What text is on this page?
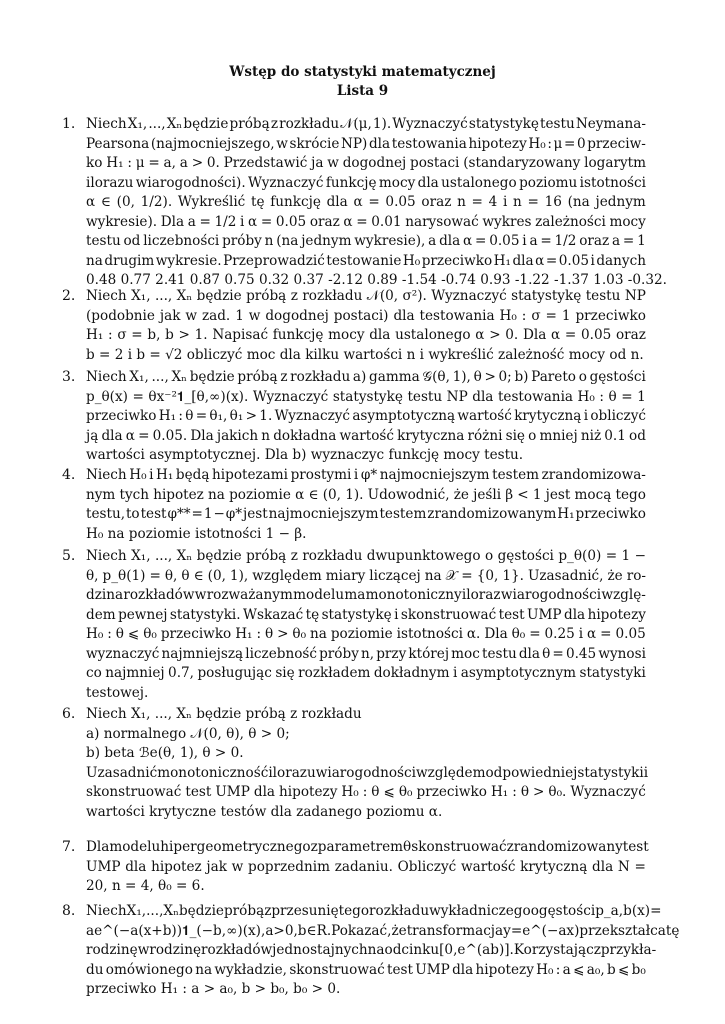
Wstęp do statystyki matematycznej
Lista 9
1. Niech X₁, ..., Xₙ będzie próbą z rozkładu 𝒩(μ, 1). Wyznaczyć statystykę testu Neymana-
Pearsona (najmocniejszego, w skrócie NP) dla testowania hipotezy H₀ : μ = 0 przeciw-
ko H₁ : μ = a, a > 0. Przedstawić ja w dogodnej postaci (standaryzowany logarytm
ilorazu wiarogodności). Wyznaczyć funkcję mocy dla ustalonego poziomu istotności
α ∈ (0, 1/2). Wykreślić tę funkcję dla α = 0.05 oraz n = 4 i n = 16 (na jednym
wykresie). Dla a = 1/2 i α = 0.05 oraz α = 0.01 narysować wykres zależności mocy
testu od liczebności próby n (na jednym wykresie), a dla α = 0.05 i a = 1/2 oraz a = 1
na drugim wykresie. Przeprowadzić testowanie H₀ przeciwko H₁ dla α = 0.05 i danych
0.48 0.77 2.41 0.87 0.75 0.32 0.37 -2.12 0.89 -1.54 -0.74 0.93 -1.22 -1.37 1.03 -0.32.
2. Niech X₁, ..., Xₙ będzie próbą z rozkładu 𝒩(0, σ²). Wyznaczyć statystykę testu NP
(podobnie jak w zad. 1 w dogodnej postaci) dla testowania H₀ : σ = 1 przeciwko
H₁ : σ = b, b > 1. Napisać funkcję mocy dla ustalonego α > 0. Dla α = 0.05 oraz
b = 2 i b = √2 obliczyć moc dla kilku wartości n i wykreślić zależność mocy od n.
3. Niech X₁, ..., Xₙ będzie próbą z rozkładu a) gamma 𝒢(θ, 1), θ > 0; b) Pareto o gęstości
p_θ(x) = θx⁻²𝟏_[θ,∞)(x). Wyznaczyć statystykę testu NP dla testowania H₀ : θ = 1
przeciwko H₁ : θ = θ₁, θ₁ > 1. Wyznaczyć asymptotyczną wartość krytyczną i obliczyć
ją dla α = 0.05. Dla jakich n dokładna wartość krytyczna różni się o mniej niż 0.1 od
wartości asymptotycznej. Dla b) wyznaczyc funkcję mocy testu.
4. Niech H₀ i H₁ będą hipotezami prostymi i φ* najmocniejszym testem zrandomizowa-
nym tych hipotez na poziomie α ∈ (0, 1). Udowodnić, że jeśli β < 1 jest mocą tego
testu, to test φ** = 1 − φ* jest najmocniejszym testem zrandomizowanym H₁ przeciwko
H₀ na poziomie istotności 1 − β.
5. Niech X₁, ..., Xₙ będzie próbą z rozkładu dwupunktowego o gęstości p_θ(0) = 1 −
θ, p_θ(1) = θ, θ ∈ (0, 1), względem miary liczącej na 𝒳 = {0, 1}. Uzasadnić, że ro-
dzina rozkładów w rozważanym modelu ma monotoniczny iloraz wiarogodności wzglę-
dem pewnej statystyki. Wskazać tę statystykę i skonstruować test UMP dla hipotezy
H₀ : θ ⩽ θ₀ przeciwko H₁ : θ > θ₀ na poziomie istotności α. Dla θ₀ = 0.25 i α = 0.05
wyznaczyć najmniejszą liczebność próby n, przy której moc testu dla θ = 0.45 wynosi
co najmniej 0.7, posługując się rozkładem dokładnym i asymptotycznym statystyki
testowej.
6. Niech X₁, ..., Xₙ będzie próbą z rozkładu
a) normalnego 𝒩(0, θ), θ > 0;
b) beta ℬe(θ, 1), θ > 0.
Uzasadnić monotoniczność ilorazu wiarogodności względem odpowiedniej statystyki i
skonstruować test UMP dla hipotezy H₀ : θ ⩽ θ₀ przeciwko H₁ : θ > θ₀. Wyznaczyć
wartości krytyczne testów dla zadanego poziomu α.
7. Dla modelu hipergeometrycznego z parametrem θ skonstruować zrandomizowany test
UMP dla hipotez jak w poprzednim zadaniu. Obliczyć wartość krytyczną dla N =
20, n = 4, θ₀ = 6.
8. Niech X₁, ..., Xₙ będzie próbą z przesuniętego rozkładu wykładniczego o gęstości p_a,b(x) =
ae^(−a(x+b))𝟏_(−b,∞)(x), a > 0, b ∈ R. Pokazać, że transformacja y = e^(−ax) przekształca tę
rodzinę w rodzinę rozkładów jednostajnych na odcinku [0, e^(ab)]. Korzystając z przykła-
du omówionego na wykładzie, skonstruować test UMP dla hipotezy H₀ : a ⩽ a₀, b ⩽ b₀
przeciwko H₁ : a > a₀, b > b₀, b₀ > 0.
